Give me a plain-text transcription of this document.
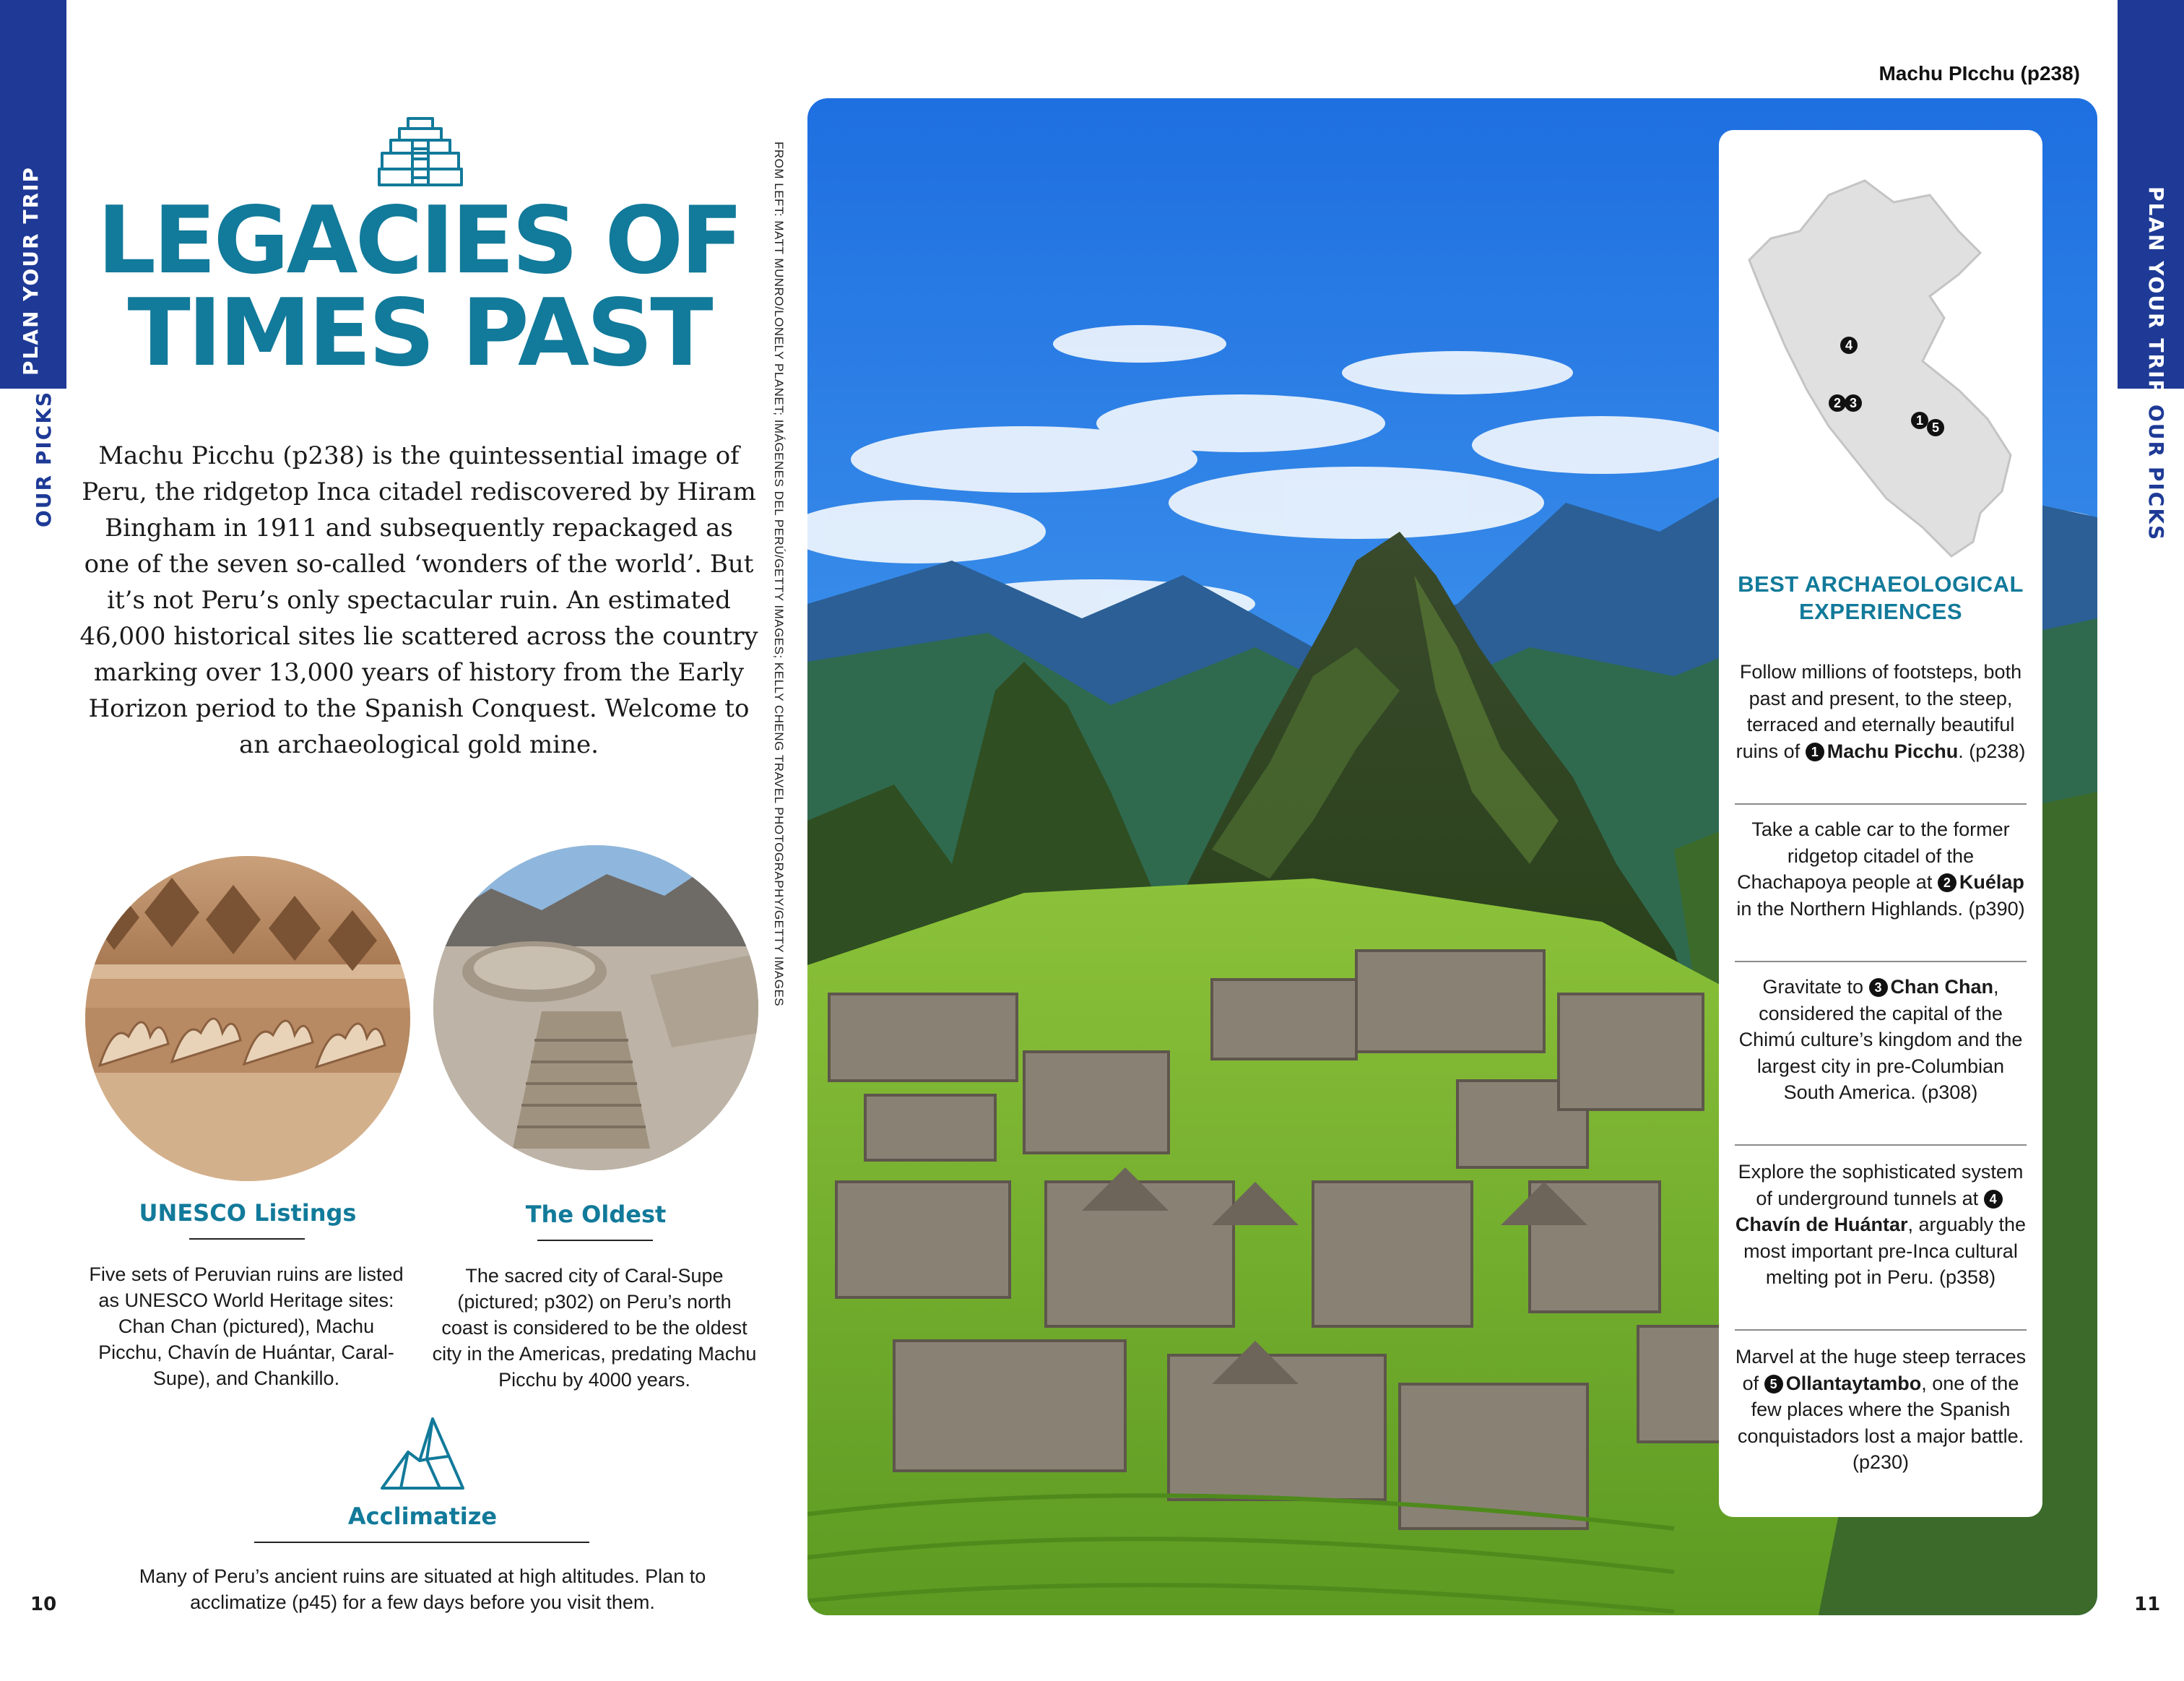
PLAN YOUR TRIP
OUR PICKS
PLAN YOUR TRIP
OUR PICKS
10	11
LEGACIES OF
TIMES PAST
Machu Picchu (p238) is the quintessential image of Peru, the ridgetop Inca citadel rediscovered by Hiram Bingham in 1911 and subsequently repackaged as one of the seven so-called ‘wonders of the world’. But it’s not Peru’s only spectacular ruin. An estimated 46,000 historical sites lie scattered across the country marking over 13,000 years of history from the Early Horizon period to the Spanish Conquest. Welcome to an archaeological gold mine.
UNESCO Listings
Five sets of Peruvian ruins are listed as UNESCO World Heritage sites: Chan Chan (pictured), Machu Picchu, Chavín de Huántar, Caral-Supe), and Chankillo.
The Oldest
The sacred city of Caral-Supe (pictured; p302) on Peru’s north coast is considered to be the oldest city in the Americas, predating Machu Picchu by 4000 years.
Acclimatize
Many of Peru’s ancient ruins are situated at high altitudes. Plan to acclimatize (p45) for a few days before you visit them.
FROM LEFT: MATT MUNRO/LONELY PLANET; IMÁGENES DEL PERÚ/GETTY IMAGES; KELLY CHENG TRAVEL PHOTOGRAPHY/GETTY IMAGES
Machu PIcchu (p238)
4
2 3
1 5
BEST ARCHAEOLOGICAL EXPERIENCES
Follow millions of footsteps, both past and present, to the steep, terraced and eternally beautiful ruins of 1 Machu Picchu. (p238)
Take a cable car to the former ridgetop citadel of the Chachapoya people at 2 Kuélap in the Northern Highlands. (p390)
Gravitate to 3 Chan Chan, considered the capital of the Chimú culture’s kingdom and the largest city in pre-Columbian South America. (p308)
Explore the sophisticated system of underground tunnels at 4Chavín de Huántar, arguably the most important pre-Inca cultural melting pot in Peru. (p358)
Marvel at the huge steep terraces of 5 Ollantaytambo, one of the few places where the Spanish conquistadors lost a major battle. (p230)
